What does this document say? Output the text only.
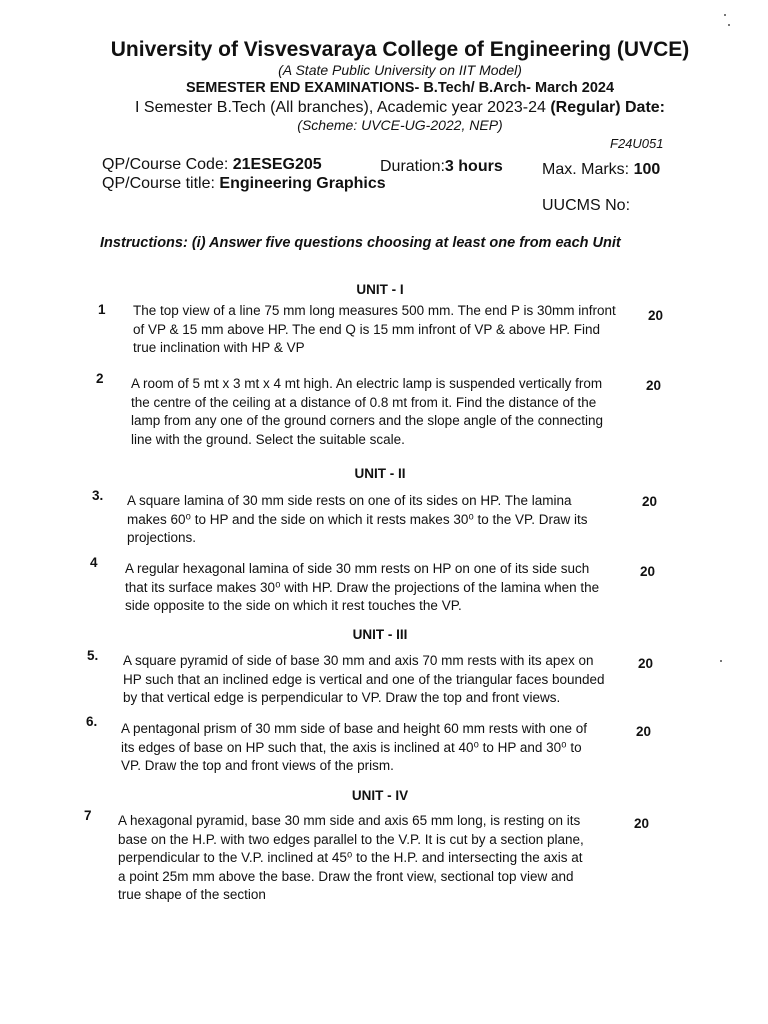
University of Visvesvaraya College of Engineering (UVCE)
(A State Public University on IIT Model)
SEMESTER END EXAMINATIONS- B.Tech/ B.Arch- March 2024
I Semester B.Tech (All branches), Academic year 2023-24 (Regular) Date:
(Scheme: UVCE-UG-2022, NEP)
F24U051
QP/Course Code: 21ESEG205	Duration:3 hours Max. Marks: 100
QP/Course title: Engineering Graphics
UUCMS No:
Instructions: (i) Answer five questions choosing at least one from each Unit
UNIT - I
UNIT - II
UNIT - III
UNIT - IV
1 The top view of a line 75 mm long measures 500 mm. The end P is 30mm infront
of VP & 15 mm above HP. The end Q is 15 mm infront of VP & above HP. Find
true inclination with HP & VP
20
2 A room of 5 mt x 3 mt x 4 mt high. An electric lamp is suspended vertically from
the centre of the ceiling at a distance of 0.8 mt from it. Find the distance of the
lamp from any one of the ground corners and the slope angle of the connecting
line with the ground. Select the suitable scale.
20
3. A square lamina of 30 mm side rests on one of its sides on HP. The lamina
makes 60⁰ to HP and the side on which it rests makes 30⁰ to the VP. Draw its
projections.
20
4 A regular hexagonal lamina of side 30 mm rests on HP on one of its side such
that its surface makes 30⁰ with HP. Draw the projections of the lamina when the
side opposite to the side on which it rest touches the VP.
20
5. A square pyramid of side of base 30 mm and axis 70 mm rests with its apex on
HP such that an inclined edge is vertical and one of the triangular faces bounded
by that vertical edge is perpendicular to VP. Draw the top and front views.
20
6. A pentagonal prism of 30 mm side of base and height 60 mm rests with one of
its edges of base on HP such that, the axis is inclined at 40⁰ to HP and 30⁰ to
VP. Draw the top and front views of the prism.
20
7 A hexagonal pyramid, base 30 mm side and axis 65 mm long, is resting on its
base on the H.P. with two edges parallel to the V.P. It is cut by a section plane,
perpendicular to the V.P. inclined at 45⁰ to the H.P. and intersecting the axis at
a point 25m mm above the base. Draw the front view, sectional top view and
true shape of the section
20
